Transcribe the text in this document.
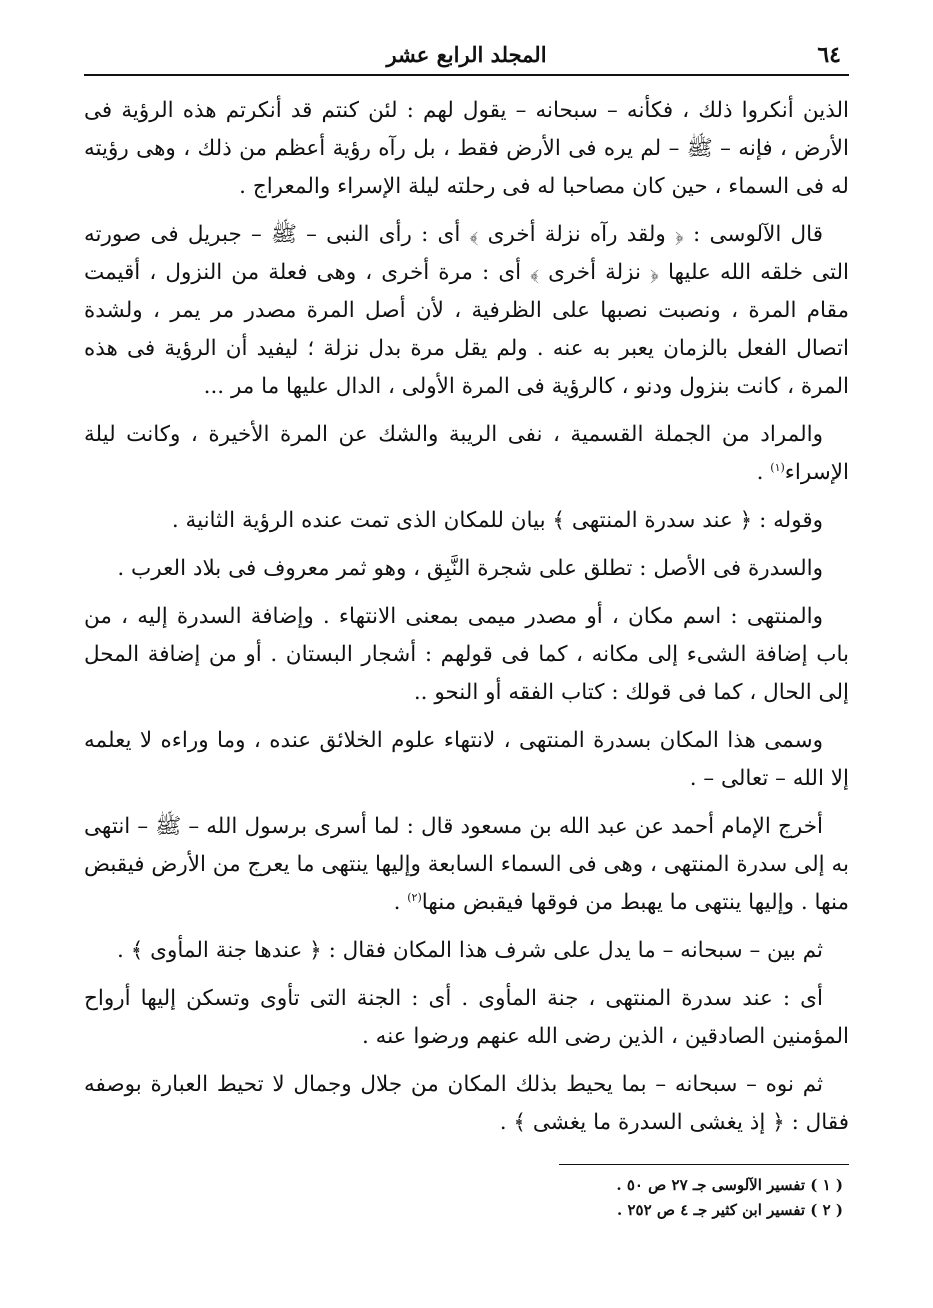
٦٤
المجلد الرابع عشر

الذين أنكروا ذلك ، فكأنه – سبحانه – يقول لهم : لئن كنتم قد أنكرتم هذه الرؤية فى الأرض ، فإنه – ﷺ – لم يره فى الأرض فقط ، بل رآه رؤية أعظم من ذلك ، وهى رؤيته له فى السماء ، حين كان مصاحبا له فى رحلته ليلة الإسراء والمعراج .

قال الآلوسى : ﴿ ولقد رآه نزلة أخرى ﴾ أى : رأى النبى – ﷺ – جبريل فى صورته التى خلقه الله عليها ﴿ نزلة أخرى ﴾ أى : مرة أخرى ، وهى فعلة من النزول ، أقيمت مقام المرة ، ونصبت نصبها على الظرفية ، لأن أصل المرة مصدر مر يمر ، ولشدة اتصال الفعل بالزمان يعبر به عنه . ولم يقل مرة بدل نزلة ؛ ليفيد أن الرؤية فى هذه المرة ، كانت بنزول ودنو ، كالرؤية فى المرة الأولى ، الدال عليها ما مر ...

والمراد من الجملة القسمية ، نفى الريبة والشك عن المرة الأخيرة ، وكانت ليلة الإسراء$^{(١)}$ .

وقوله : ﴿ عند سدرة المنتهى ﴾ بيان للمكان الذى تمت عنده الرؤية الثانية .

والسدرة فى الأصل : تطلق على شجرة النَّبِق ، وهو ثمر معروف فى بلاد العرب .

والمنتهى : اسم مكان ، أو مصدر ميمى بمعنى الانتهاء . وإضافة السدرة إليه ، من باب إضافة الشىء إلى مكانه ، كما فى قولهم : أشجار البستان . أو من إضافة المحل إلى الحال ، كما فى قولك : كتاب الفقه أو النحو ..

وسمى هذا المكان بسدرة المنتهى ، لانتهاء علوم الخلائق عنده ، وما وراءه لا يعلمه إلا الله – تعالى – .

أخرج الإمام أحمد عن عبد الله بن مسعود قال : لما أسرى برسول الله – ﷺ – انتهى به إلى سدرة المنتهى ، وهى فى السماء السابعة وإليها ينتهى ما يعرج من الأرض فيقبض منها . وإليها ينتهى ما يهبط من فوقها فيقبض منها$^{(٢)}$ .

ثم بين – سبحانه – ما يدل على شرف هذا المكان فقال : ﴿ عندها جنة المأوى ﴾ .

أى : عند سدرة المنتهى ، جنة المأوى . أى : الجنة التى تأوى وتسكن إليها أرواح المؤمنين الصادقين ، الذين رضى الله عنهم ورضوا عنه .

ثم نوه – سبحانه – بما يحيط بذلك المكان من جلال وجمال لا تحيط العبارة بوصفه فقال : ﴿ إذ يغشى السدرة ما يغشى ﴾ .

( ١ ) تفسير الآلوسى جـ ٢٧ ص ٥٠ .
( ٢ ) تفسير ابن كثير جـ ٤ ص ٢٥٢ .
